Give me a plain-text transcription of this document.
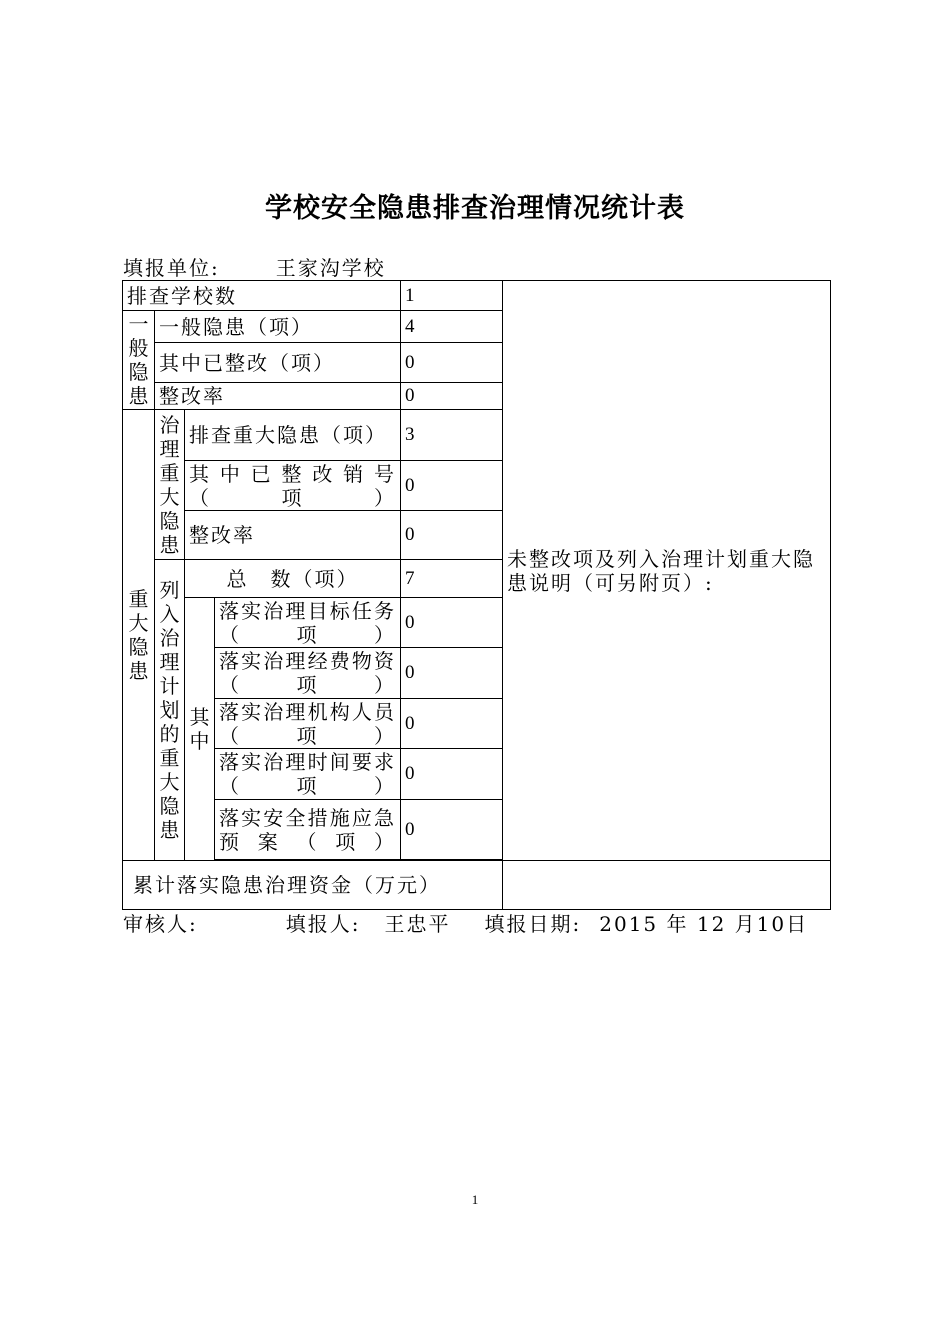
学校安全隐患排查治理情况统计表
填报单位:	王家沟学校
排查学校数				1	未整改项及列入治理计划重大隐患说明（可另附页）:	
一般隐患	一般隐患（项）			4		
	其中已整改（项）			0		
	整改率			0		
重大隐患	治理重大隐患	排查重大隐患（项）		3		
		其中已整改销号（项）		0		
		整改率		0		
	列入治理计划的重大隐患	总　数（项）		7		
		其中	落实治理目标任务（项）	0		
			落实治理经费物资（项）	0		
			落实治理机构人员（项）	0		
			落实治理时间要求（项）	0		
			落实安全措施应急预案（项）	0		

累计落实隐患治理资金（万元）						
审核人:	填报人: 王忠平 填报日期: 2015 年 12 月10日
1
